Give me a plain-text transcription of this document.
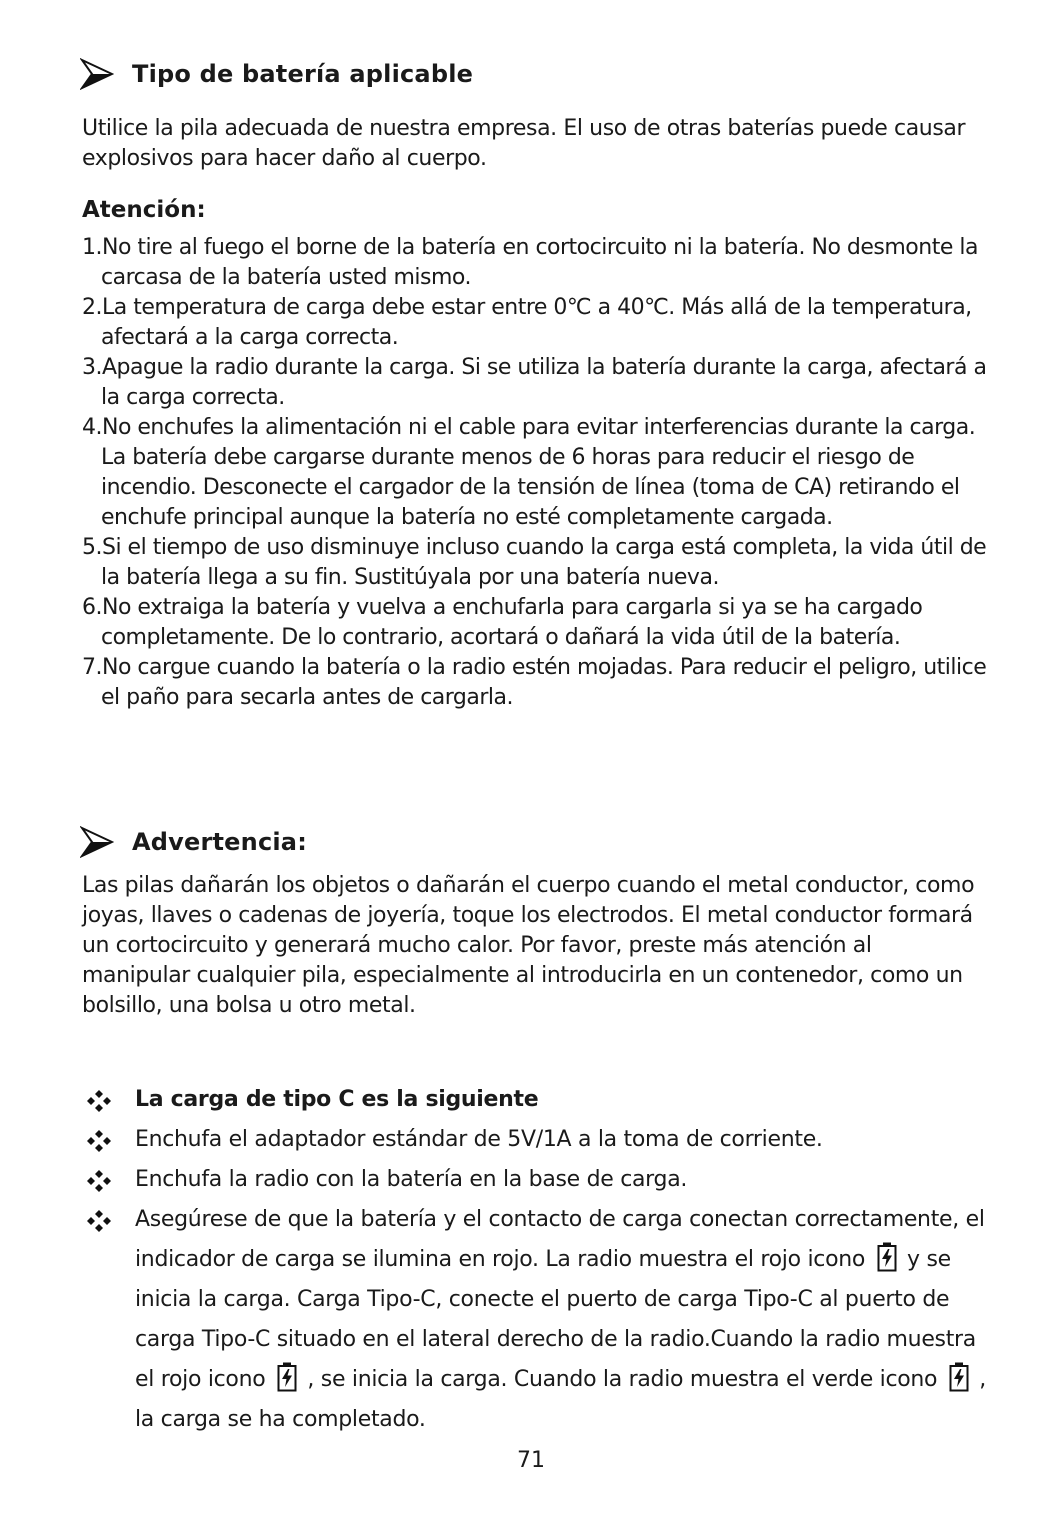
Tipo de batería aplicable

Utilice la pila adecuada de nuestra empresa. El uso de otras baterías puede causar explosivos para hacer daño al cuerpo.

Atención:
1.No tire al fuego el borne de la batería en cortocircuito ni la batería. No desmonte la carcasa de la batería usted mismo.
2.La temperatura de carga debe estar entre 0℃ a 40℃. Más allá de la temperatura, afectará a la carga correcta.
3.Apague la radio durante la carga. Si se utiliza la batería durante la carga, afectará a la carga correcta.
4.No enchufes la alimentación ni el cable para evitar interferencias durante la carga. La batería debe cargarse durante menos de 6 horas para reducir el riesgo de incendio. Desconecte el cargador de la tensión de línea (toma de CA) retirando el enchufe principal aunque la batería no esté completamente cargada.
5.Si el tiempo de uso disminuye incluso cuando la carga está completa, la vida útil de la batería llega a su fin. Sustitúyala por una batería nueva.
6.No extraiga la batería y vuelva a enchufarla para cargarla si ya se ha cargado completamente. De lo contrario, acortará o dañará la vida útil de la batería.
7.No cargue cuando la batería o la radio estén mojadas. Para reducir el peligro, utilice el paño para secarla antes de cargarla.
Advertencia:

Las pilas dañarán los objetos o dañarán el cuerpo cuando el metal conductor, como joyas, llaves o cadenas de joyería, toque los electrodos. El metal conductor formará un cortocircuito y generará mucho calor. Por favor, preste más atención al manipular cualquier pila, especialmente al introducirla en un contenedor, como un bolsillo, una bolsa u otro metal.

La carga de tipo C es la siguiente
Enchufa el adaptador estándar de 5V/1A a la toma de corriente.
Enchufa la radio con la batería en la base de carga.
Asegúrese de que la batería y el contacto de carga conectan correctamente, el indicador de carga se ilumina en rojo. La radio muestra el rojo icono y se inicia la carga. Carga Tipo-C, conecte el puerto de carga Tipo-C al puerto de carga Tipo-C situado en el lateral derecho de la radio.Cuando la radio muestra el rojo icono , se inicia la carga. Cuando la radio muestra el verde icono , la carga se ha completado.
71
